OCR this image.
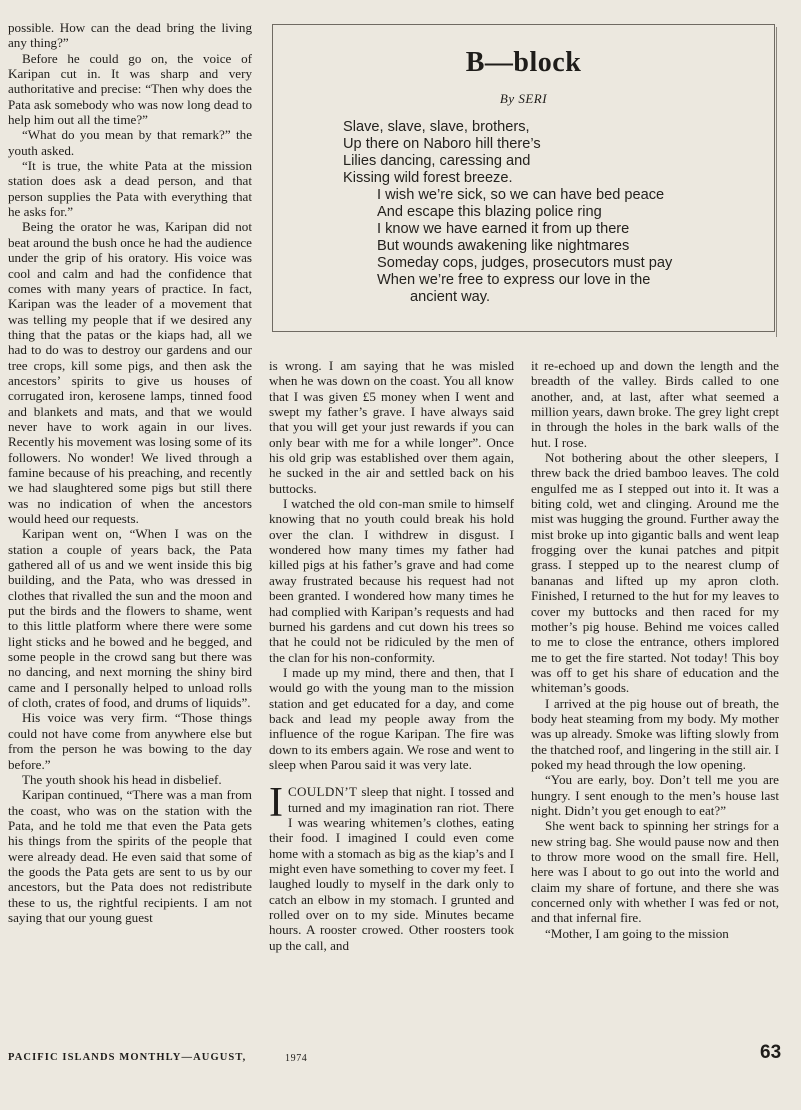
possible. How can the dead bring the living any thing?”

Before he could go on, the voice of Karipan cut in. It was sharp and very authoritative and precise: “Then why does the Pata ask somebody who was now long dead to help him out all the time?”

“What do you mean by that remark?” the youth asked.

“It is true, the white Pata at the mission station does ask a dead person, and that person supplies the Pata with everything that he asks for.”

Being the orator he was, Karipan did not beat around the bush once he had the audience under the grip of his oratory. His voice was cool and calm and had the confidence that comes with many years of practice. In fact, Karipan was the leader of a movement that was telling my people that if we desired any thing that the patas or the kiaps had, all we had to do was to destroy our gardens and our tree crops, kill some pigs, and then ask the ancestors’ spirits to give us houses of corrugated iron, kerosene lamps, tinned food and blankets and mats, and that we would never have to work again in our lives. Recently his movement was losing some of its followers. No wonder! We lived through a famine because of his preaching, and recently we had slaughtered some pigs but still there was no indication of when the ancestors would heed our requests.

Karipan went on, “When I was on the station a couple of years back, the Pata gathered all of us and we went inside this big building, and the Pata, who was dressed in clothes that rivalled the sun and the moon and put the birds and the flowers to shame, went to this little platform where there were some light sticks and he bowed and he begged, and some people in the crowd sang but there was no dancing, and next morning the shiny bird came and I personally helped to unload rolls of cloth, crates of food, and drums of liquids”.

His voice was very firm. “Those things could not have come from anywhere else but from the person he was bowing to the day before.”

The youth shook his head in disbelief.

Karipan continued, “There was a man from the coast, who was on the station with the Pata, and he told me that even the Pata gets his things from the spirits of the people that were already dead. He even said that some of the goods the Pata gets are sent to us by our ancestors, but the Pata does not redistribute these to us, the rightful recipients. I am not saying that our young guest

B—block
By SERI
Slave, slave, slave, brothers,
Up there on Naboro hill there’s
Lilies dancing, caressing and
Kissing wild forest breeze.
I wish we’re sick, so we can have bed peace
And escape this blazing police ring
I know we have earned it from up there
But wounds awakening like nightmares
Someday cops, judges, prosecutors must pay
When we’re free to express our love in the
ancient way.

is wrong. I am saying that he was misled when he was down on the coast. You all know that I was given £5 money when I went and swept my father’s grave. I have always said that you will get your just rewards if you can only bear with me for a while longer”. Once his old grip was established over them again, he sucked in the air and settled back on his buttocks.

I watched the old con-man smile to himself knowing that no youth could break his hold over the clan. I withdrew in disgust. I wondered how many times my father had killed pigs at his father’s grave and had come away frustrated because his request had not been granted. I wondered how many times he had complied with Karipan’s requests and had burned his gardens and cut down his trees so that he could not be ridiculed by the men of the clan for his non-conformity.

I made up my mind, there and then, that I would go with the young man to the mission station and get educated for a day, and come back and lead my people away from the influence of the rogue Karipan. The fire was down to its embers again. We rose and went to sleep when Parou said it was very late.

ICOULDN’T sleep that night. I tossed and turned and my imagination ran riot. There I was wearing whitemen’s clothes, eating their food. I imagined I could even come home with a stomach as big as the kiap’s and I might even have something to cover my feet. I laughed loudly to myself in the dark only to catch an elbow in my stomach. I grunted and rolled over on to my side. Minutes became hours. A rooster crowed. Other roosters took up the call, and

it re-echoed up and down the length and the breadth of the valley. Birds called to one another, and, at last, after what seemed a million years, dawn broke. The grey light crept in through the holes in the bark walls of the hut. I rose.

Not bothering about the other sleepers, I threw back the dried bamboo leaves. The cold engulfed me as I stepped out into it. It was a biting cold, wet and clinging. Around me the mist was hugging the ground. Further away the mist broke up into gigantic balls and went leap frogging over the kunai patches and pitpit grass. I stepped up to the nearest clump of bananas and lifted up my apron cloth. Finished, I returned to the hut for my leaves to cover my buttocks and then raced for my mother’s pig house. Behind me voices called to me to close the entrance, others implored me to get the fire started. Not today! This boy was off to get his share of education and the whiteman’s goods.

I arrived at the pig house out of breath, the body heat steaming from my body. My mother was up already. Smoke was lifting slowly from the thatched roof, and lingering in the still air. I poked my head through the low opening.

“You are early, boy. Don’t tell me you are hungry. I sent enough to the men’s house last night. Didn’t you get enough to eat?”

She went back to spinning her strings for a new string bag. She would pause now and then to throw more wood on the small fire. Hell, here was I about to go out into the world and claim my share of fortune, and there she was concerned only with whether I was fed or not, and that infernal fire.

“Mother, I am going to the mission

PACIFIC ISLANDS MONTHLY—AUGUST,	1974	63
